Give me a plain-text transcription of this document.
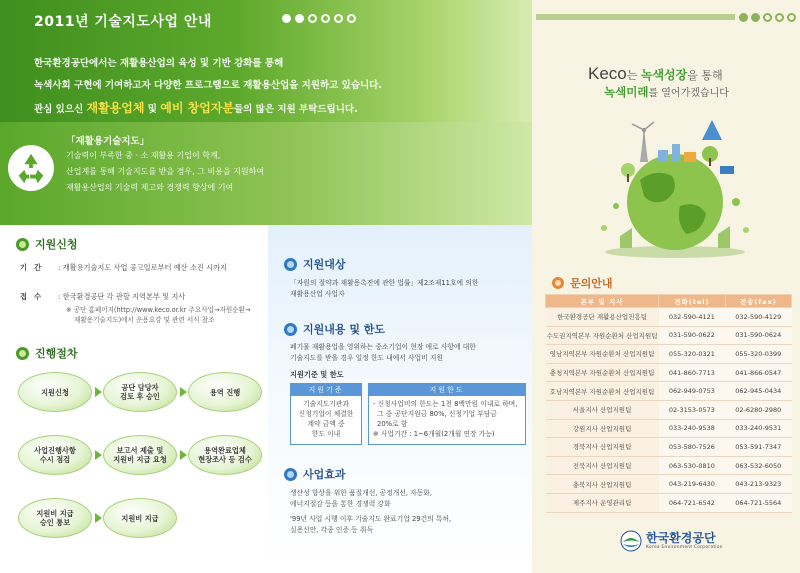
2011년 기술지도사업 안내
한국환경공단에서는 재활용산업의 육성 및 기반 강화를 통해
녹색사회 구현에 기여하고자 다양한 프로그램으로 재활용산업을 지원하고 있습니다.
관심 있으신 재활용업체 및 예비 창업자분들의 많은 지원 부탁드립니다.
「재활용기술지도」
기술력이 부족한 중 · 소 재활용 기업이 학계,
산업계를 통해 기술지도를 받을 경우, 그 비용을 지원하여
재활용산업의 기술력 제고와 경쟁력 향상에 기여
지원신청
기　간 : 재활용기술지도 사업 공고일로부터 예산 소진 시까지
접　수 : 한국환경공단 각 관할 지역본부 및 지사
※ 공단 홈페이지(http://www.keco.or.kr 주요사업→자원순환→
재활용기술지도)에서 운용요강 및 관련 서식 참조
진행절차
지원신청	공단 담당자
검토 후 승인	용역 진행
사업진행사항
수시 점검
보고서 제출 및
지원비 지급 요청
용역완료업체
현장조사 등 검수
지원비 지급
승인 통보	지원비 지급
지원대상
「자원의 절약과 재활용촉진에 관한 법률」제2조제11호에 의한
재활용산업 사업자
지원내용 및 한도
폐기물 재활용업을 영위하는 중소기업이 현장 애로 사항에 대한
기술지도를 받을 경우 일정 한도 내에서 사업비 지원
지원기준 및 한도
지원기준
기술지도기관과
신청기업이 체결한
계약 금액 중
한도 이내
지원한도
- 신청사업비의 한도는 1천 8백만원 이내로 하며,
그 중 공단지원금 80%, 신청기업 부담금
20%로 함
※ 사업기간 : 1~6개월(2개월 연장 가능)
사업효과
생산성 향상을 위한 품질개선, 공정개선, 자동화,
에너지절감 등을 통한 경쟁력 강화
'99년 사업 시행 이후 기술지도 완료기업 29건의 특허,
실용신안, 각종 인증 등 취득
Keco는 녹색성장을 통해
녹색미래를 열어가겠습니다
문의안내
본부 및 지사	전화(tel)	전송(fax)
한국환경공단 재활용산업진흥팀	032-590-4121	032-590-4129
수도권지역본부 자원순환처 산업지원팀	031-590-0622	031-590-0624
영남지역본부 자원순환처 산업지원팀	055-320-0321	055-320-0399
충청지역본부 자원순환처 산업지원팀	041-860-7713	041-866-0547
호남지역본부 자원순환처 산업지원팀	062-949-0753	062-945-0434
서울지사 산업지원팀	02-3153-0573	02-6280-2980
강원지사 산업지원팀	033-240-9538	033-240-9531
경북지사 산업지원팀	053-580-7526	053-591-7347
전북지사 산업지원팀	063-530-0810	063-532-6050
충북지사 산업지원팀	043-219-6430	043-213-9323
제주지사 운영관리팀	064-721-6542	064-721-5564
한국환경공단
Korea Environment Corporation
